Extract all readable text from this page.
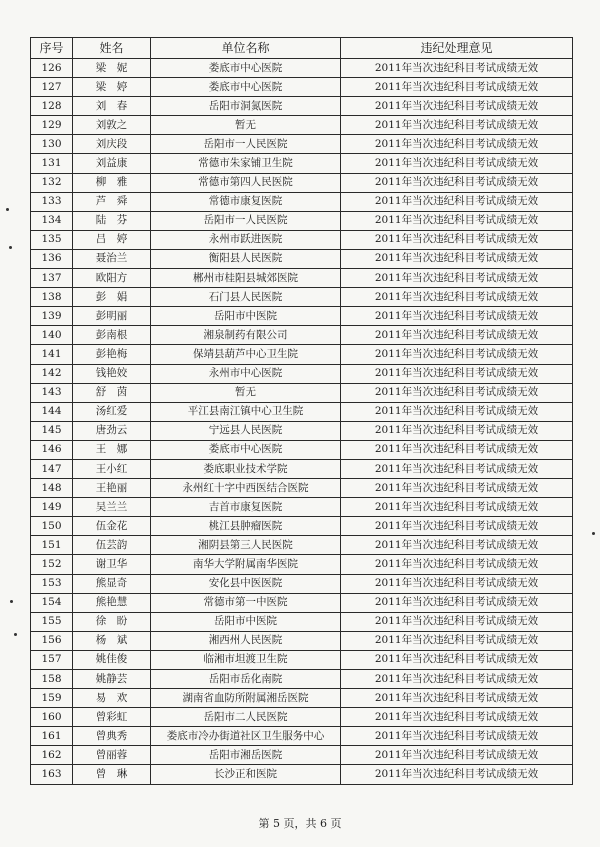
序号	姓名	单位名称	违纪处理意见
126	梁　妮	娄底市中心医院	2011年当次违纪科目考试成绩无效
127	梁　婷	娄底市中心医院	2011年当次违纪科目考试成绩无效
128	刘　春	岳阳市洞氮医院	2011年当次违纪科目考试成绩无效
129	刘敦之	暂无	2011年当次违纪科目考试成绩无效
130	刘庆段	岳阳市一人民医院	2011年当次违纪科目考试成绩无效
131	刘益康	常德市朱家铺卫生院	2011年当次违纪科目考试成绩无效
132	柳　雅	常德市第四人民医院	2011年当次违纪科目考试成绩无效
133	芦　舜	常德市康复医院	2011年当次违纪科目考试成绩无效
134	陆　芬	岳阳市一人民医院	2011年当次违纪科目考试成绩无效
135	吕　婷	永州市跃进医院	2011年当次违纪科目考试成绩无效
136	聂治兰	衡阳县人民医院	2011年当次违纪科目考试成绩无效
137	欧阳方	郴州市桂阳县城郊医院	2011年当次违纪科目考试成绩无效
138	彭　娟	石门县人民医院	2011年当次违纪科目考试成绩无效
139	彭明丽	岳阳市中医院	2011年当次违纪科目考试成绩无效
140	彭南根	湘泉制药有限公司	2011年当次违纪科目考试成绩无效
141	彭艳梅	保靖县葫芦中心卫生院	2011年当次违纪科目考试成绩无效
142	钱艳姣	永州市中心医院	2011年当次违纪科目考试成绩无效
143	舒　茵	暂无	2011年当次违纪科目考试成绩无效
144	汤红爱	平江县南江镇中心卫生院	2011年当次违纪科目考试成绩无效
145	唐劲云	宁远县人民医院	2011年当次违纪科目考试成绩无效
146	王　娜	娄底市中心医院	2011年当次违纪科目考试成绩无效
147	王小红	娄底职业技术学院	2011年当次违纪科目考试成绩无效
148	王艳丽	永州红十字中西医结合医院	2011年当次违纪科目考试成绩无效
149	吴兰兰	吉首市康复医院	2011年当次违纪科目考试成绩无效
150	伍金花	桃江县肿瘤医院	2011年当次违纪科目考试成绩无效
151	伍芸韵	湘阴县第三人民医院	2011年当次违纪科目考试成绩无效
152	谢卫华	南华大学附属南华医院	2011年当次违纪科目考试成绩无效
153	熊显奇	安化县中医医院	2011年当次违纪科目考试成绩无效
154	熊艳慧	常德市第一中医院	2011年当次违纪科目考试成绩无效
155	徐　盼	岳阳市中医院	2011年当次违纪科目考试成绩无效
156	杨　斌	湘西州人民医院	2011年当次违纪科目考试成绩无效
157	姚佳俊	临湘市坦渡卫生院	2011年当次违纪科目考试成绩无效
158	姚静芸	岳阳市岳化南院	2011年当次违纪科目考试成绩无效
159	易　欢	湖南省血防所附属湘岳医院	2011年当次违纪科目考试成绩无效
160	曾彩虹	岳阳市二人民医院	2011年当次违纪科目考试成绩无效
161	曾典秀	娄底市冷办街道社区卫生服务中心	2011年当次违纪科目考试成绩无效
162	曾丽蓉	岳阳市湘岳医院	2011年当次违纪科目考试成绩无效
163	曾　琳	长沙正和医院	2011年当次违纪科目考试成绩无效
第 5 页，共 6 页
